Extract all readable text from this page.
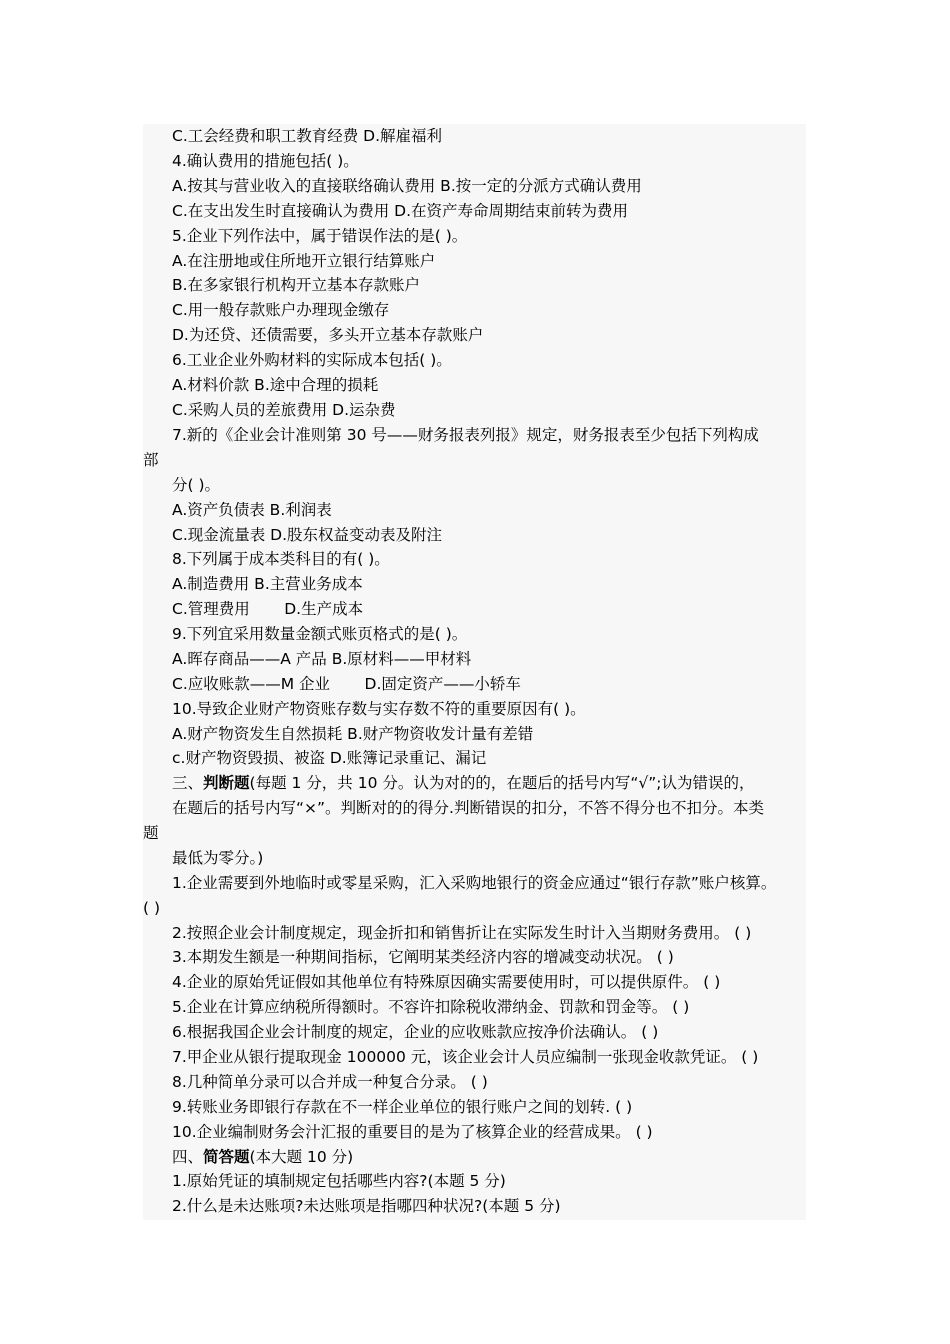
C.工会经费和职工教育经费 D.解雇福利

4.确认费用的措施包括( )。

A.按其与营业收入的直接联络确认费用 B.按一定的分派方式确认费用

C.在支出发生时直接确认为费用 D.在资产寿命周期结束前转为费用

5.企业下列作法中，属于错误作法的是( )。

A.在注册地或住所地开立银行结算账户

B.在多家银行机构开立基本存款账户

C.用一般存款账户办理现金缴存

D.为还贷、还债需要，多头开立基本存款账户

6.工业企业外购材料的实际成本包括( )。

A.材料价款 B.途中合理的损耗

C.采购人员的差旅费用 D.运杂费

7.新的《企业会计准则第 30 号——财务报表列报》规定，财务报表至少包括下列构成

部

分( )。

A.资产负债表 B.利润表

C.现金流量表 D.股东权益变动表及附注

8.下列属于成本类科目的有( )。

A.制造费用 B.主营业务成本

C.管理费用       D.生产成本

9.下列宜采用数量金额式账页格式的是( )。

A.晖存商品——A 产品 B.原材料——甲材料

C.应收账款——M 企业       D.固定资产——小轿车

10.导致企业财产物资账存数与实存数不符的重要原因有( )。

A.财产物资发生自然损耗 B.财产物资收发计量有差错

c.财产物资毁损、被盗 D.账簿记录重记、漏记

三、判断题(每题 1 分，共 10 分。认为对的的，在题后的括号内写“√”;认为错误的，

在题后的括号内写“×”。判断对的的得分.判断错误的扣分，不答不得分也不扣分。本类

题

最低为零分。)

1.企业需要到外地临时或零星采购，汇入采购地银行的资金应通过“银行存款”账户核算。

( )

2.按照企业会计制度规定，现金折扣和销售折让在实际发生时计入当期财务费用。 ( )

3.本期发生额是一种期间指标，它阐明某类经济内容的增减变动状况。 ( )

4.企业的原始凭证假如其他单位有特殊原因确实需要使用时，可以提供原件。 ( )

5.企业在计算应纳税所得额时。不容许扣除税收滞纳金、罚款和罚金等。 ( )

6.根据我国企业会计制度的规定，企业的应收账款应按净价法确认。 ( )

7.甲企业从银行提取现金 100000 元，该企业会计人员应编制一张现金收款凭证。 ( )

8.几种简单分录可以合并成一种复合分录。 ( )

9.转账业务即银行存款在不一样企业单位的银行账户之间的划转. ( )

10.企业编制财务会汁汇报的重要目的是为了核算企业的经营成果。 ( )

四、简答题(本大题 10 分)

1.原始凭证的填制规定包括哪些内容?(本题 5 分)

2.什么是未达账项?未达账项是指哪四种状况?(本题 5 分)
